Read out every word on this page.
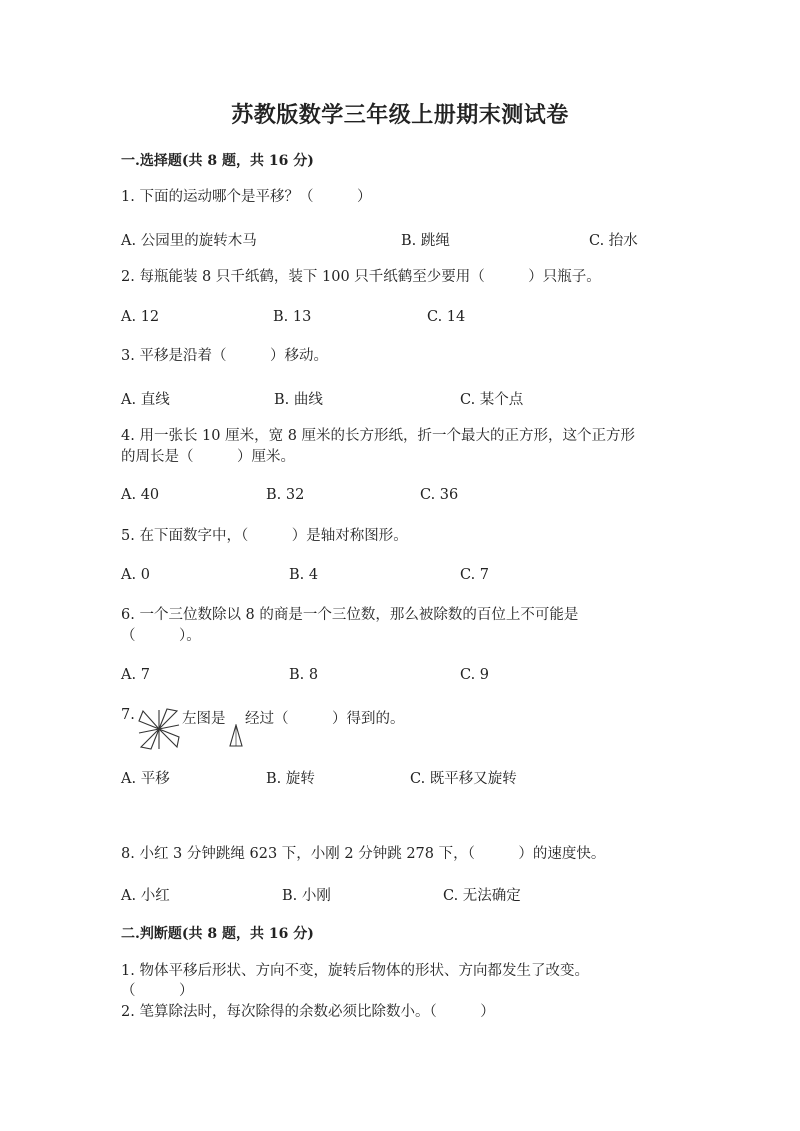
苏教版数学三年级上册期末测试卷
一.选择题(共 8 题，共 16 分)
1. 下面的运动哪个是平移？（　　　）
A. 公园里的旋转木马	B. 跳绳	C. 抬水
2. 每瓶能装 8 只千纸鹤，装下 100 只千纸鹤至少要用（　　　）只瓶子。
A. 12	B. 13	C. 14
3. 平移是沿着（　　　）移动。
A. 直线	B. 曲线	C. 某个点
4. 用一张长 10 厘米，宽 8 厘米的长方形纸，折一个最大的正方形，这个正方形
的周长是（　　　）厘米。
A. 40	B. 32	C. 36
5. 在下面数字中，（　　　）是轴对称图形。
A. 0	B. 4	C. 7
6. 一个三位数除以 8 的商是一个三位数，那么被除数的百位上不可能是
（　　　）。
A. 7	B. 8	C. 9
7.	左图是 经过（　　　）得到的。
A. 平移	B. 旋转	C. 既平移又旋转
8. 小红 3 分钟跳绳 623 下，小刚 2 分钟跳 278 下，（　　　）的速度快。
A. 小红	B. 小刚	C. 无法确定
二.判断题(共 8 题，共 16 分)
1. 物体平移后形状、方向不变，旋转后物体的形状、方向都发生了改变。
（　　　）
2. 笔算除法时，每次除得的余数必须比除数小。（　　　）
